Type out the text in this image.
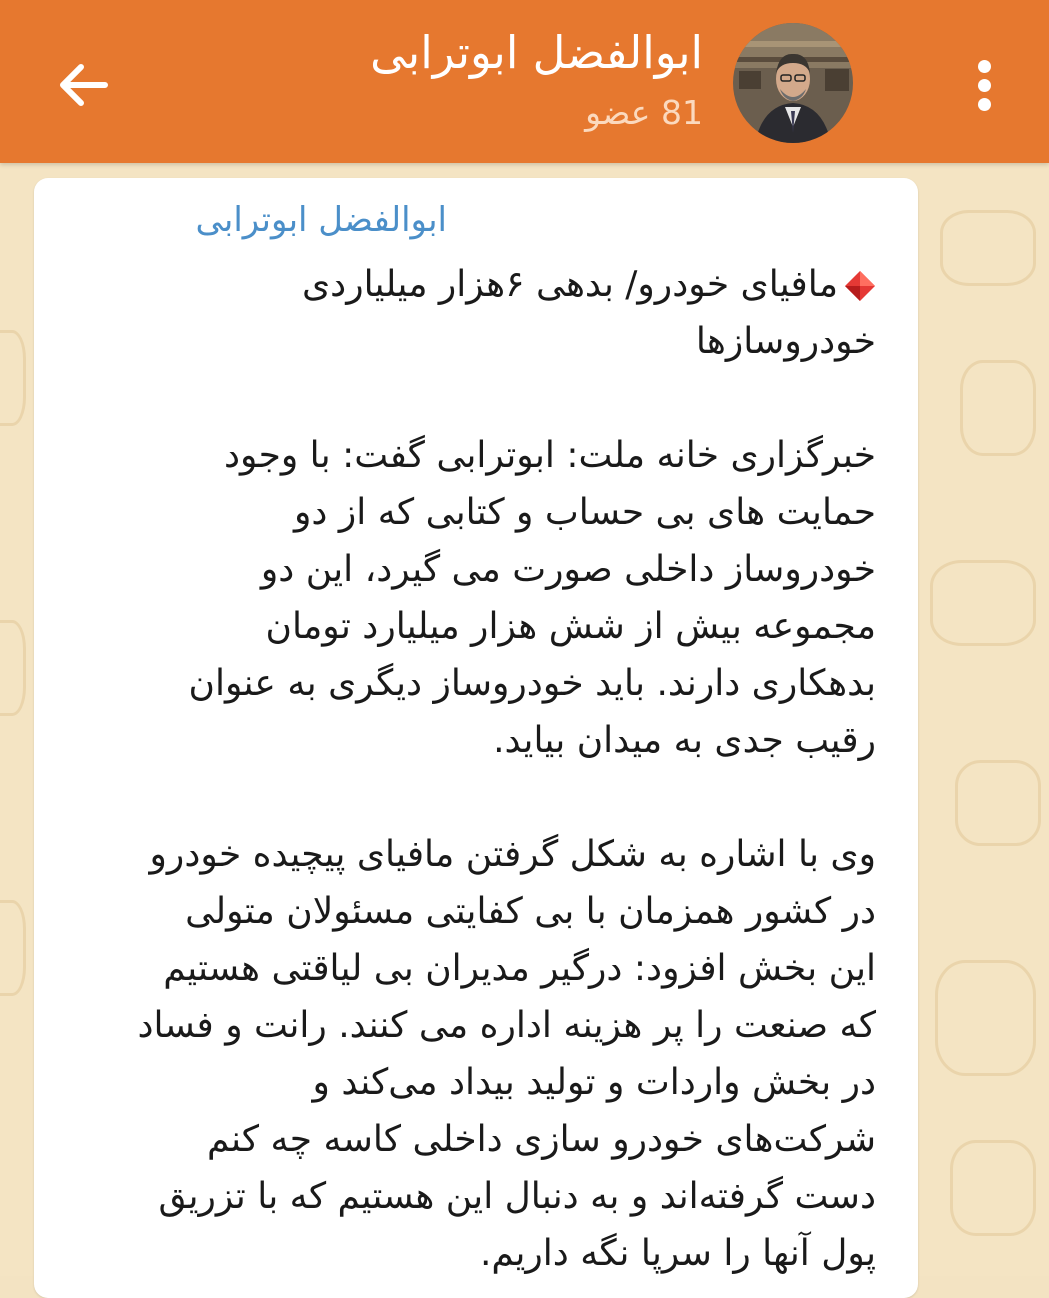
ابوالفضل ابوترابی
81 عضو
ابوالفضل ابوترابی
مافیای خودرو/ بدهی ۶هزار میلیاردی
خودروسازها
خبرگزاری خانه ملت: ابوترابی گفت: با وجود
حمایت های بی حساب و کتابی که از دو
خودروساز داخلی صورت می گیرد، این دو
مجموعه بیش از شش هزار میلیارد تومان
بدهکاری دارند. باید خودروساز دیگری به عنوان
رقیب جدی به میدان بیاید.
وی با اشاره به شکل گرفتن مافیای پیچیده خودرو
در کشور همزمان با بی کفایتی مسئولان متولی
این بخش افزود: درگیر مدیران بی لیاقتی هستیم
که صنعت را پر هزینه اداره می کنند. رانت و فساد
در بخش واردات و تولید بیداد می‌کند و
شرکت‌های خودرو سازی داخلی کاسه چه کنم
دست گرفته‌اند و به دنبال این هستیم که با تزریق
پول آنها را سرپا نگه داریم.
